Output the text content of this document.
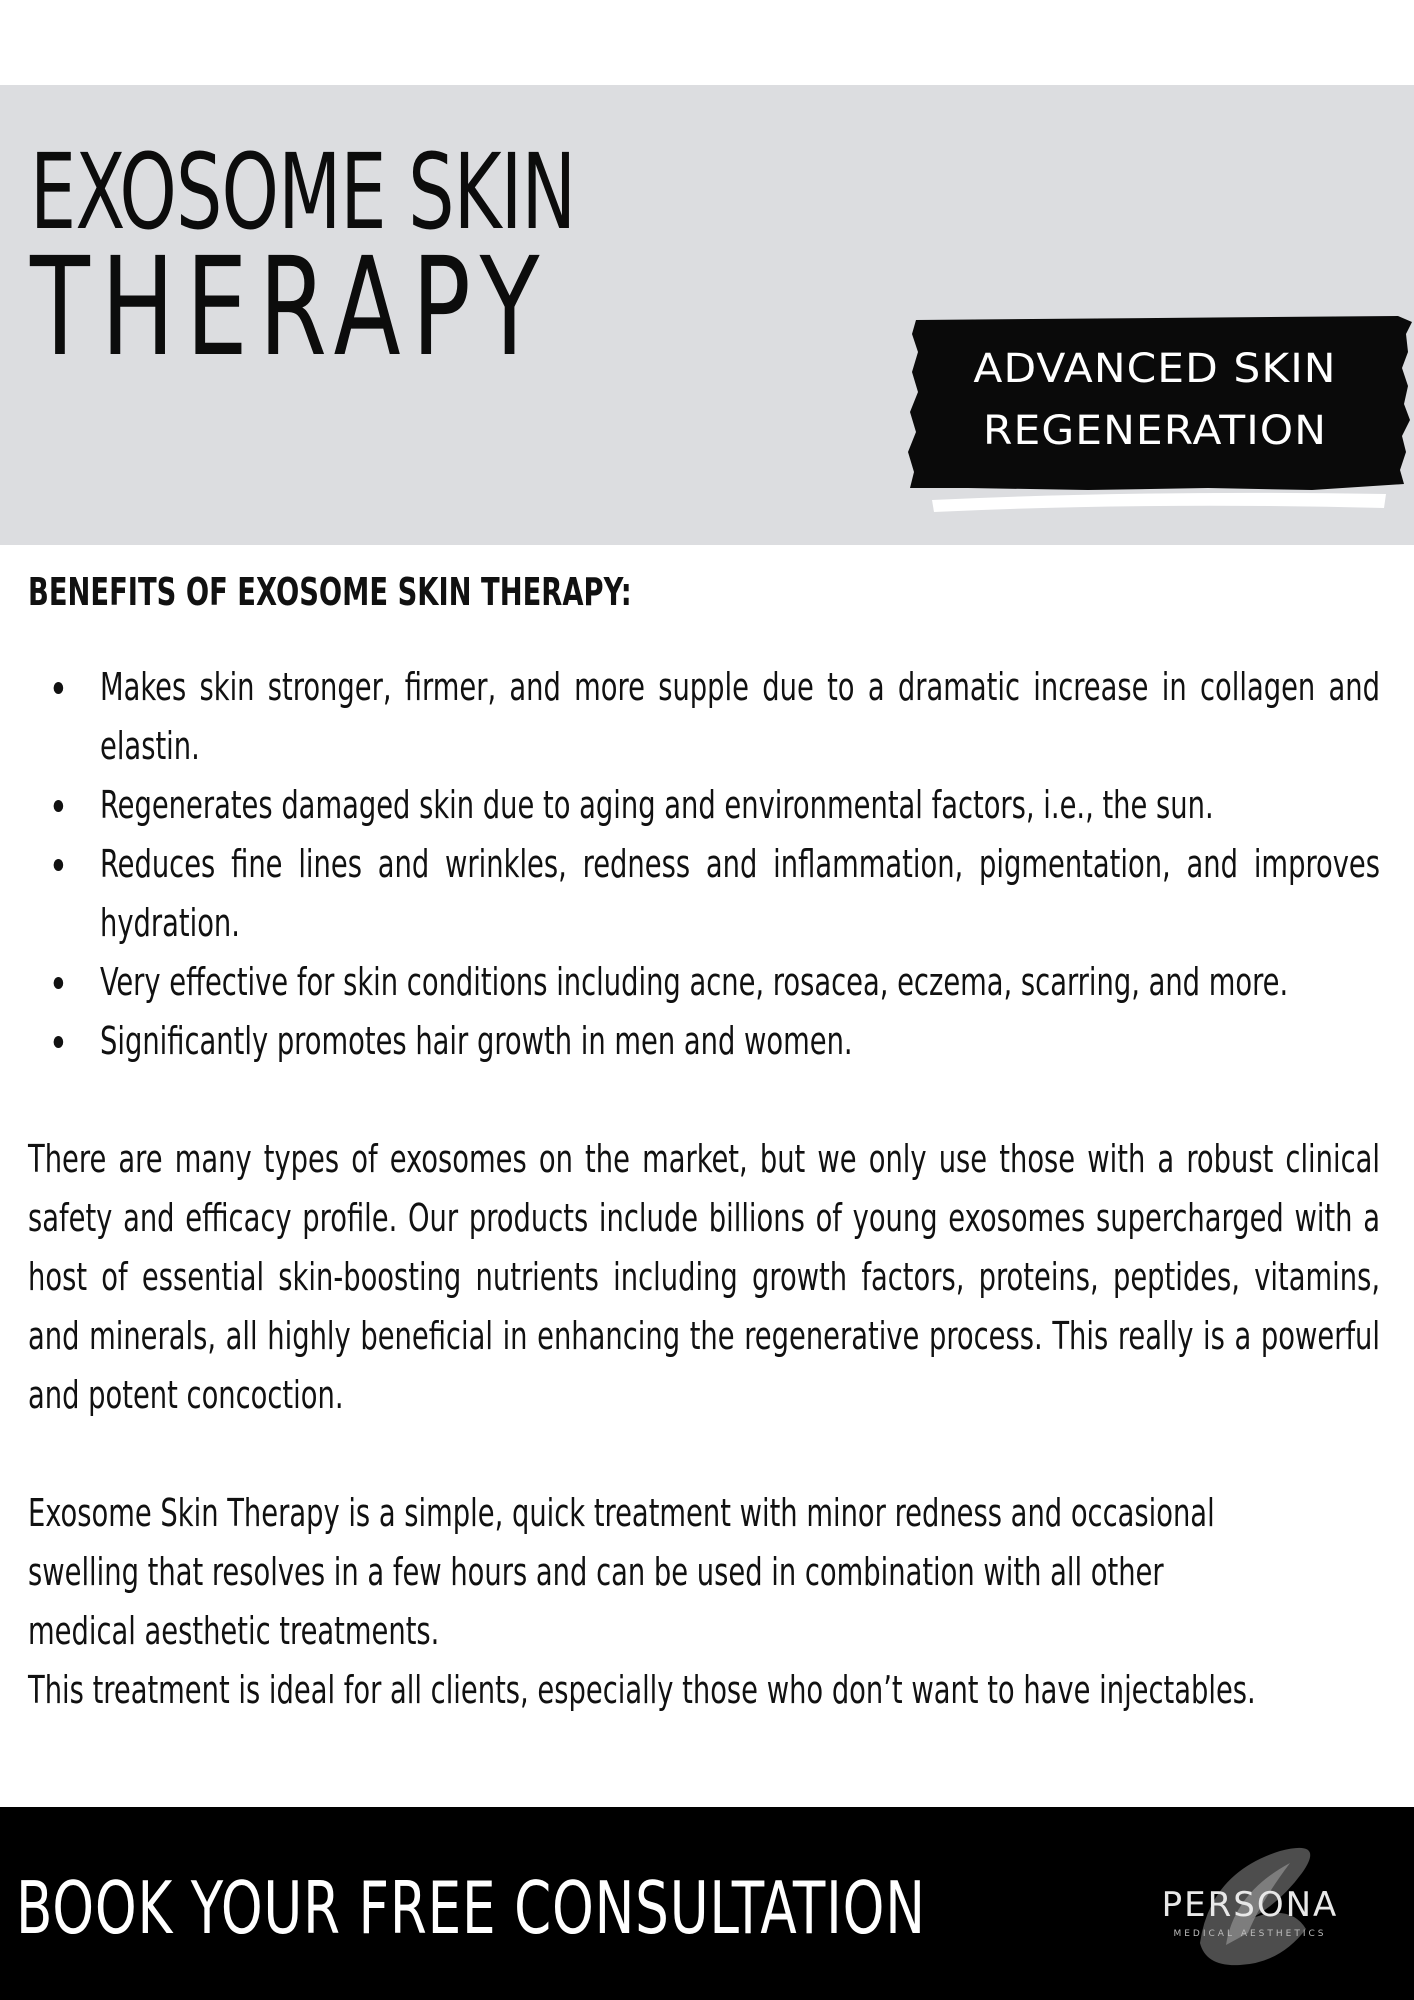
EXOSOME SKIN
THERAPY	ADVANCED SKIN
REGENERATION
BENEFITS OF EXOSOME SKIN THERAPY:
Makes skin stronger, firmer, and more supple due to a dramatic increase in collagen and elastin.
Regenerates damaged skin due to aging and environmental factors, i.e., the sun.
Reduces fine lines and wrinkles, redness and inflammation, pigmentation, and improves hydration.
Very effective for skin conditions including acne, rosacea, eczema, scarring, and more.
Significantly promotes hair growth in men and women.

There are many types of exosomes on the market, but we only use those with a robust clinical safety and efficacy profile. Our products include billions of young exosomes supercharged with a host of essential skin-boosting nutrients including growth factors, proteins, peptides, vitamins, and minerals, all highly beneficial in enhancing the regenerative process. This really is a powerful and potent concoction.

Exosome Skin Therapy is a simple, quick treatment with minor redness and occasional
swelling that resolves in a few hours and can be used in combination with all other
medical aesthetic treatments.

This treatment is ideal for all clients, especially those who don’t want to have injectables.

BOOK YOUR FREE CONSULTATION	PERSONA
MEDICAL AESTHETICS
